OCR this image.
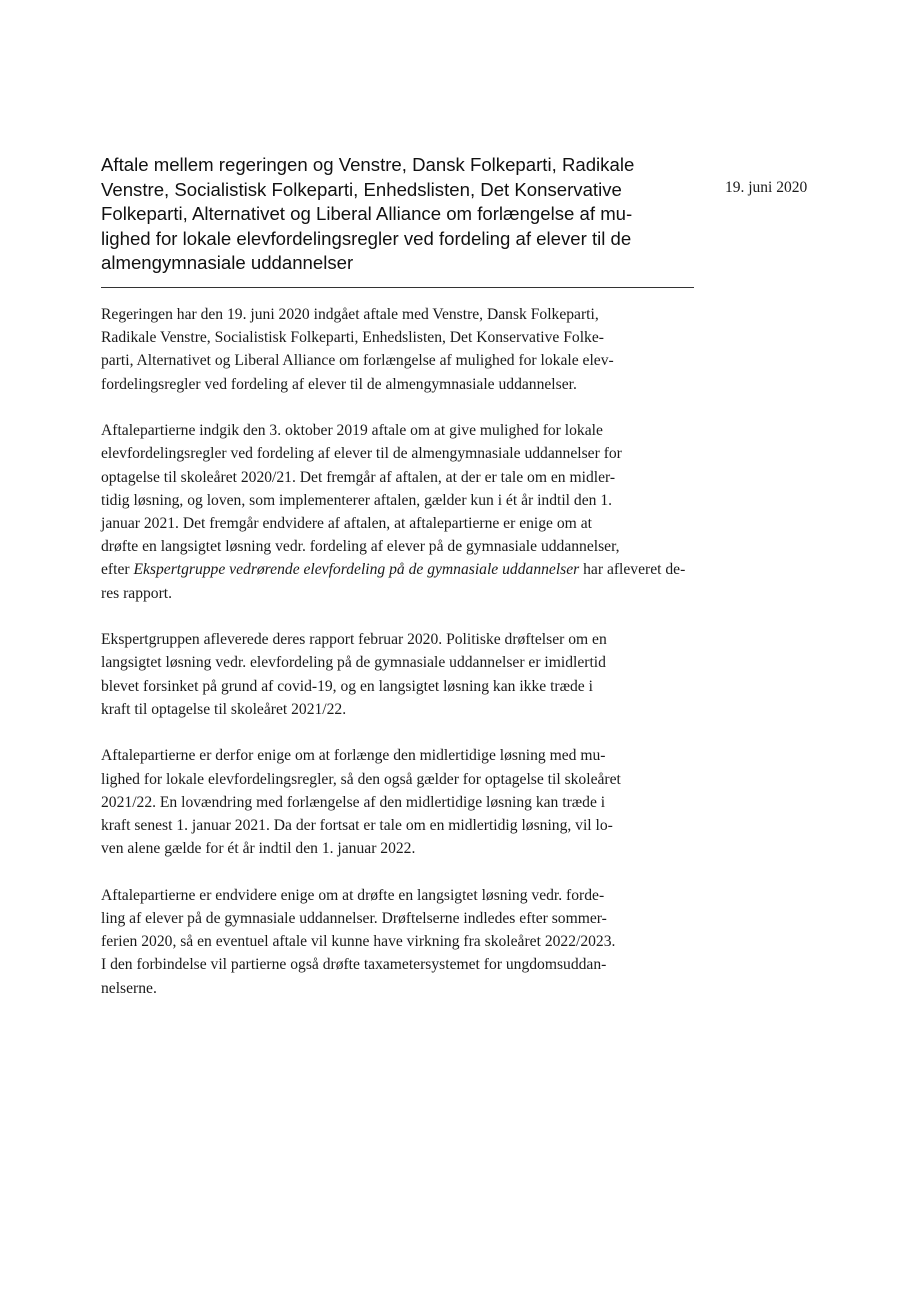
Aftale mellem regeringen og Venstre, Dansk Folkeparti, Radikale
Venstre, Socialistisk Folkeparti, Enhedslisten, Det Konservative
Folkeparti, Alternativet og Liberal Alliance om forlængelse af mu-
lighed for lokale elevfordelingsregler ved fordeling af elever til de
almengymnasiale uddannelser
19. juni 2020

Regeringen har den 19. juni 2020 indgået aftale med Venstre, Dansk Folkeparti,
Radikale Venstre, Socialistisk Folkeparti, Enhedslisten, Det Konservative Folke-
parti, Alternativet og Liberal Alliance om forlængelse af mulighed for lokale elev-
fordelingsregler ved fordeling af elever til de almengymnasiale uddannelser.

Aftalepartierne indgik den 3. oktober 2019 aftale om at give mulighed for lokale
elevfordelingsregler ved fordeling af elever til de almengymnasiale uddannelser for
optagelse til skoleåret 2020/21. Det fremgår af aftalen, at der er tale om en midler-
tidig løsning, og loven, som implementerer aftalen, gælder kun i ét år indtil den 1.
januar 2021. Det fremgår endvidere af aftalen, at aftalepartierne er enige om at
drøfte en langsigtet løsning vedr. fordeling af elever på de gymnasiale uddannelser,
efter Ekspertgruppe vedrørende elevfordeling på de gymnasiale uddannelser har afleveret de-
res rapport.

Ekspertgruppen afleverede deres rapport februar 2020. Politiske drøftelser om en
langsigtet løsning vedr. elevfordeling på de gymnasiale uddannelser er imidlertid
blevet forsinket på grund af covid-19, og en langsigtet løsning kan ikke træde i
kraft til optagelse til skoleåret 2021/22.

Aftalepartierne er derfor enige om at forlænge den midlertidige løsning med mu-
lighed for lokale elevfordelingsregler, så den også gælder for optagelse til skoleåret
2021/22. En lovændring med forlængelse af den midlertidige løsning kan træde i
kraft senest 1. januar 2021. Da der fortsat er tale om en midlertidig løsning, vil lo-
ven alene gælde for ét år indtil den 1. januar 2022.

Aftalepartierne er endvidere enige om at drøfte en langsigtet løsning vedr. forde-
ling af elever på de gymnasiale uddannelser. Drøftelserne indledes efter sommer-
ferien 2020, så en eventuel aftale vil kunne have virkning fra skoleåret 2022/2023.
I den forbindelse vil partierne også drøfte taxametersystemet for ungdomsuddan-
nelserne.
